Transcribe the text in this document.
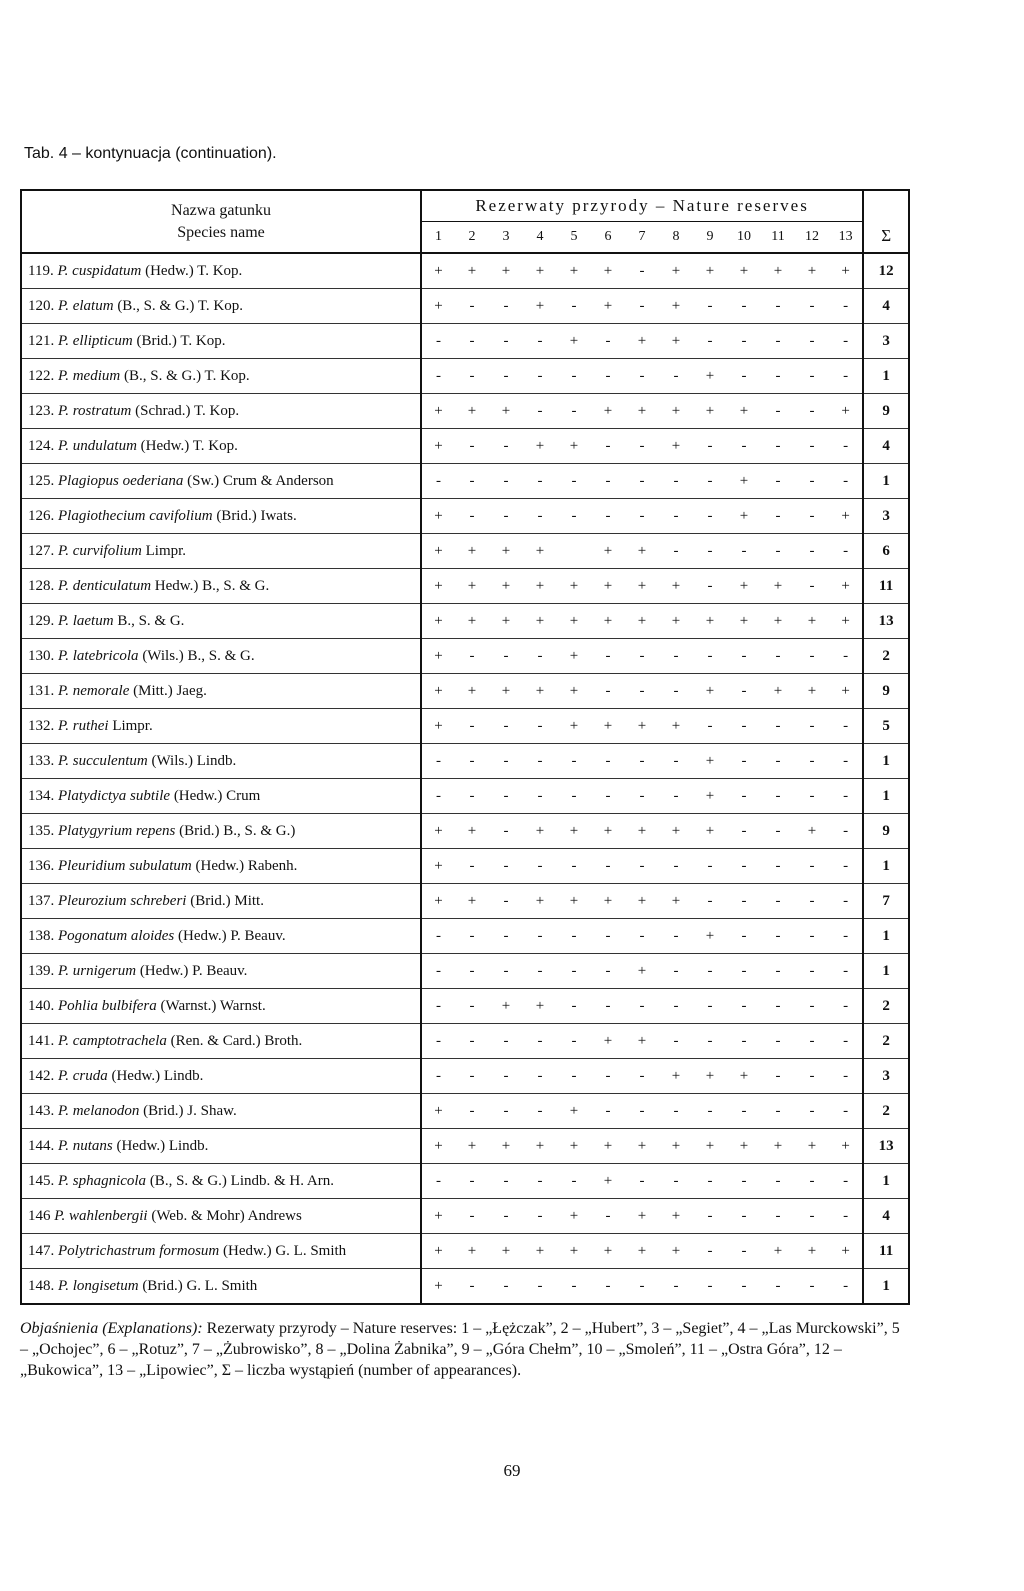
Tab. 4 – kontynuacja (continuation).
Nazwa gatunku
Species name	Rezerwaty przyrody – Nature reserves													Σ
	1	2	3	4	5	6	7	8	9	10	11	12	13	
119. P. cuspidatum (Hedw.) T. Kop.	+	+	+	+	+	+	-	+	+	+	+	+	+	12
120. P. elatum (B., S. & G.) T. Kop.	+	-	-	+	-	+	-	+	-	-	-	-	-	4
121. P. ellipticum (Brid.) T. Kop.	-	-	-	-	+	-	+	+	-	-	-	-	-	3
122. P. medium (B., S. & G.) T. Kop.	-	-	-	-	-	-	-	-	+	-	-	-	-	1
123. P. rostratum (Schrad.) T. Kop.	+	+	+	-	-	+	+	+	+	+	-	-	+	9
124. P. undulatum (Hedw.) T. Kop.	+	-	-	+	+	-	-	+	-	-	-	-	-	4
125. Plagiopus oederiana (Sw.) Crum & Anderson	-	-	-	-	-	-	-	-	-	+	-	-	-	1
126. Plagiothecium cavifolium (Brid.) Iwats.	+	-	-	-	-	-	-	-	-	+	-	-	+	3
127. P. curvifolium Limpr.	+	+	+	+		+	+	-	-	-	-	-	-	6
128. P. denticulatum Hedw.) B., S. & G.	+	+	+	+	+	+	+	+	-	+	+	-	+	11
129. P. laetum B., S. & G.	+	+	+	+	+	+	+	+	+	+	+	+	+	13
130. P. latebricola (Wils.) B., S. & G.	+	-	-	-	+	-	-	-	-	-	-	-	-	2
131. P. nemorale (Mitt.) Jaeg.	+	+	+	+	+	-	-	-	+	-	+	+	+	9
132. P. ruthei Limpr.	+	-	-	-	+	+	+	+	-	-	-	-	-	5
133. P. succulentum (Wils.) Lindb.	-	-	-	-	-	-	-	-	+	-	-	-	-	1
134. Platydictya subtile (Hedw.) Crum	-	-	-	-	-	-	-	-	+	-	-	-	-	1
135. Platygyrium repens (Brid.) B., S. & G.)	+	+	-	+	+	+	+	+	+	-	-	+	-	9
136. Pleuridium subulatum (Hedw.) Rabenh.	+	-	-	-	-	-	-	-	-	-	-	-	-	1
137. Pleurozium schreberi (Brid.) Mitt.	+	+	-	+	+	+	+	+	-	-	-	-	-	7
138. Pogonatum aloides (Hedw.) P. Beauv.	-	-	-	-	-	-	-	-	+	-	-	-	-	1
139. P. urnigerum (Hedw.) P. Beauv.	-	-	-	-	-	-	+	-	-	-	-	-	-	1
140. Pohlia bulbifera (Warnst.) Warnst.	-	-	+	+	-	-	-	-	-	-	-	-	-	2
141. P. camptotrachela (Ren. & Card.) Broth.	-	-	-	-	-	+	+	-	-	-	-	-	-	2
142. P. cruda (Hedw.) Lindb.	-	-	-	-	-	-	-	+	+	+	-	-	-	3
143. P. melanodon (Brid.) J. Shaw.	+	-	-	-	+	-	-	-	-	-	-	-	-	2
144. P. nutans (Hedw.) Lindb.	+	+	+	+	+	+	+	+	+	+	+	+	+	13
145. P. sphagnicola (B., S. & G.) Lindb. & H. Arn.	-	-	-	-	-	+	-	-	-	-	-	-	-	1
146 P. wahlenbergii (Web. & Mohr) Andrews	+	-	-	-	+	-	+	+	-	-	-	-	-	4
147. Polytrichastrum formosum (Hedw.) G. L. Smith	+	+	+	+	+	+	+	+	-	-	+	+	+	11
148. P. longisetum (Brid.) G. L. Smith	+	-	-	-	-	-	-	-	-	-	-	-	-	1
Objaśnienia (Explanations): Rezerwaty przyrody – Nature reserves: 1 – „Łężczak”, 2 – „Hubert”, 3 – „Segiet”, 4 – „Las Murckowski”, 5 – „Ochojec”, 6 – „Rotuz”, 7 – „Żubrowisko”, 8 – „Dolina Żabnika”, 9 – „Góra Chełm”, 10 – „Smoleń”, 11 – „Ostra Góra”, 12 – „Bukowica”, 13 – „Lipowiec”, Σ – liczba wystąpień (number of appearances).
69
